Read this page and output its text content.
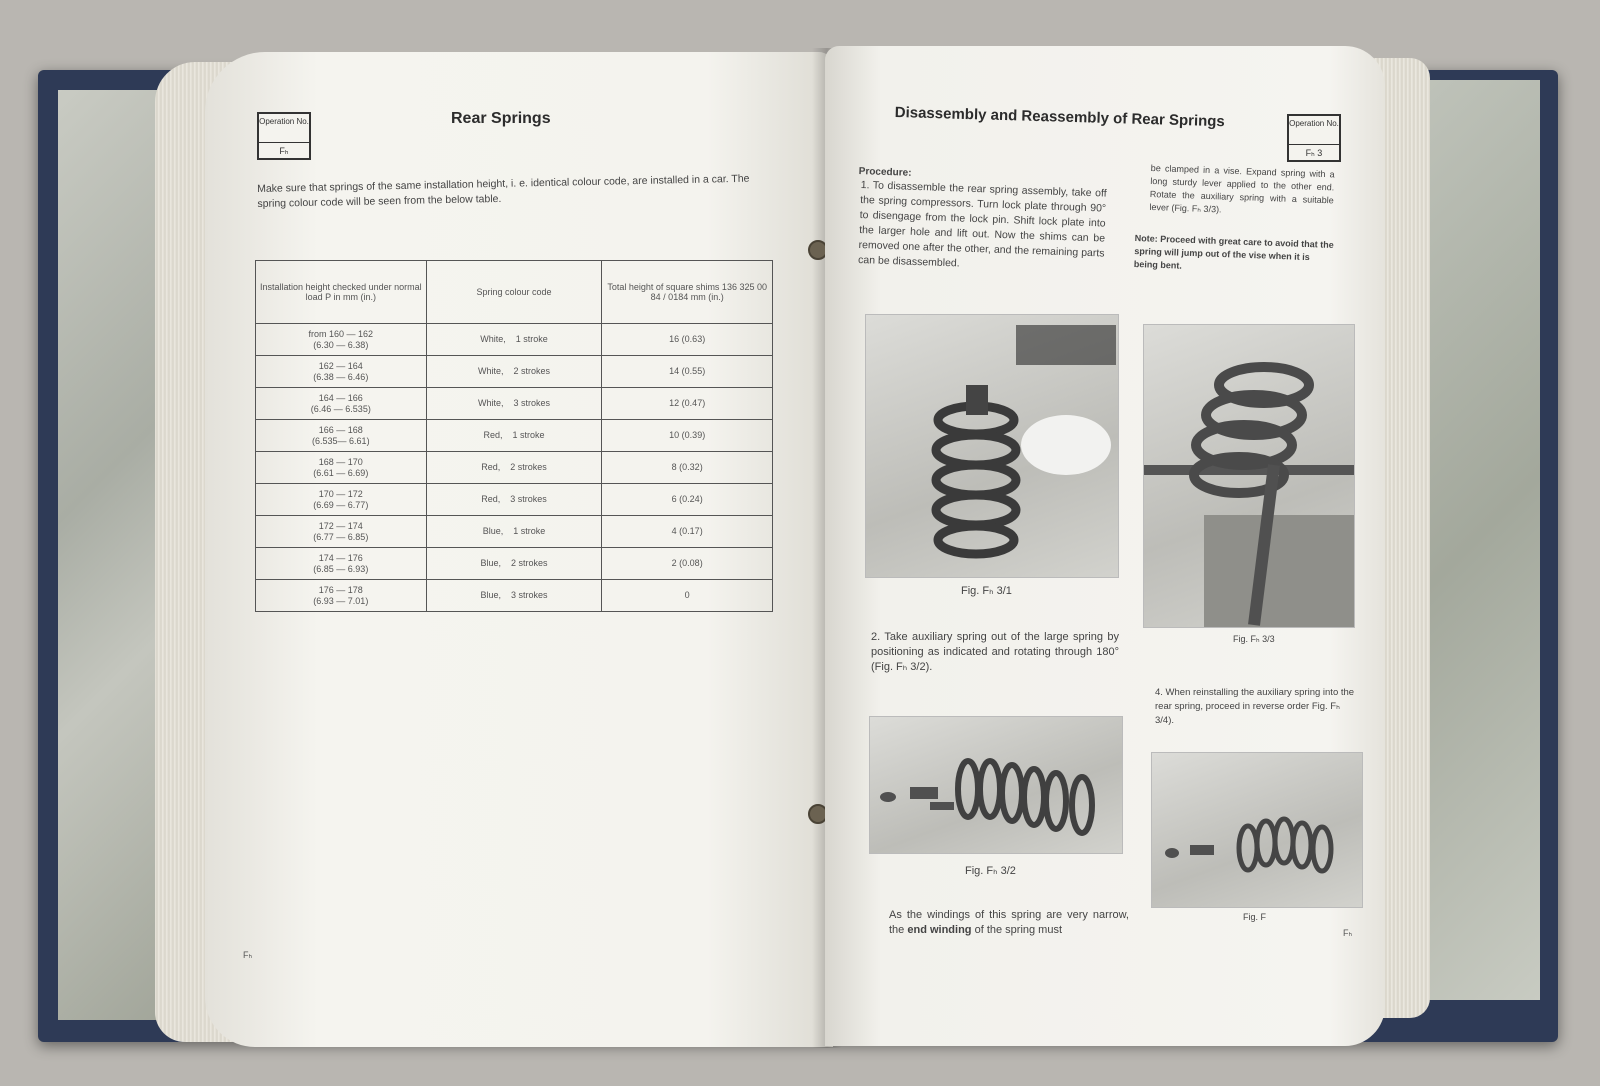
Operation No.
Fₕ
Rear Springs
Make sure that springs of the same installation height, i. e. identical colour code, are installed in a car. The spring colour code will be seen from the below table.
Installation height checked under normal load P in mm (in.)	Spring colour code	Total height of square shims 136 325 00 84 / 0184 mm (in.)

from 160 — 162
(6.30 — 6.38)	White, 1 stroke	16 (0.63)

162 — 164
(6.38 — 6.46)	White, 2 strokes	14 (0.55)

164 — 166
(6.46 — 6.535)	White, 3 strokes	12 (0.47)

166 — 168
(6.535— 6.61)	Red, 1 stroke	10 (0.39)

168 — 170
(6.61 — 6.69)	Red, 2 strokes	8 (0.32)

170 — 172
(6.69 — 6.77)	Red, 3 strokes	6 (0.24)

172 — 174
(6.77 — 6.85)	Blue, 1 stroke	4 (0.17)

174 — 176
(6.85 — 6.93)	Blue, 2 strokes	2 (0.08)

176 — 178
(6.93 — 7.01)	Blue, 3 strokes	0
Fₕ
Disassembly and Reassembly of Rear Springs	Operation No.
Fₕ 3
Procedure:
1. To disassemble the rear spring assembly, take off the spring compressors. Turn lock plate through 90° to disengage from the lock pin. Shift lock plate into the larger hole and lift out. Now the shims can be removed one after the other, and the remaining parts can be disassembled.
be clamped in a vise. Expand spring with a long sturdy lever applied to the other end. Rotate the auxiliary spring with a suitable lever (Fig. Fₕ 3/3).
Note: Proceed with great care to avoid that the spring will jump out of the vise when it is being bent.
Fig. Fₕ 3/1
Fig. Fₕ 3/3
2. Take auxiliary spring out of the large spring by positioning as indicated and rotating through 180° (Fig. Fₕ 3/2).
4. When reinstalling the auxiliary spring into the rear spring, proceed in reverse order Fig. Fₕ 3/4).
Fig. Fₕ 3/2
Fig. F
As the windings of this spring are very narrow, the end winding of the spring must	Fₕ
